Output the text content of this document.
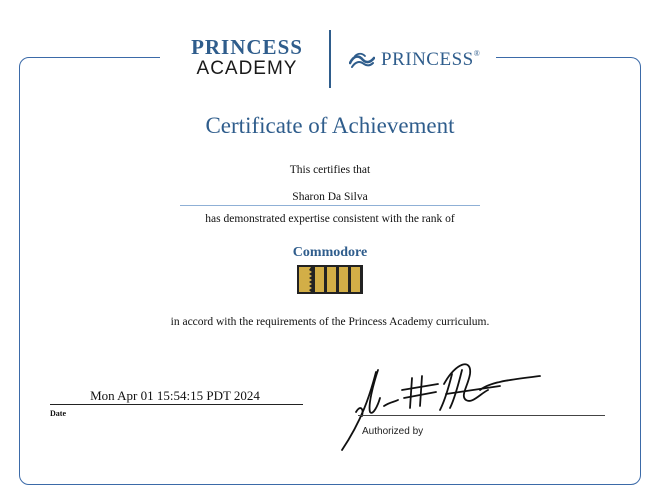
PRINCESS
ACADEMY	PRINCESS®
Certificate of Achievement
This certifies that
Sharon Da Silva
has demonstrated expertise consistent with the rank of
Commodore
in accord with the requirements of the Princess Academy curriculum.
Mon Apr 01 15:54:15 PDT 2024
Date
Authorized by
